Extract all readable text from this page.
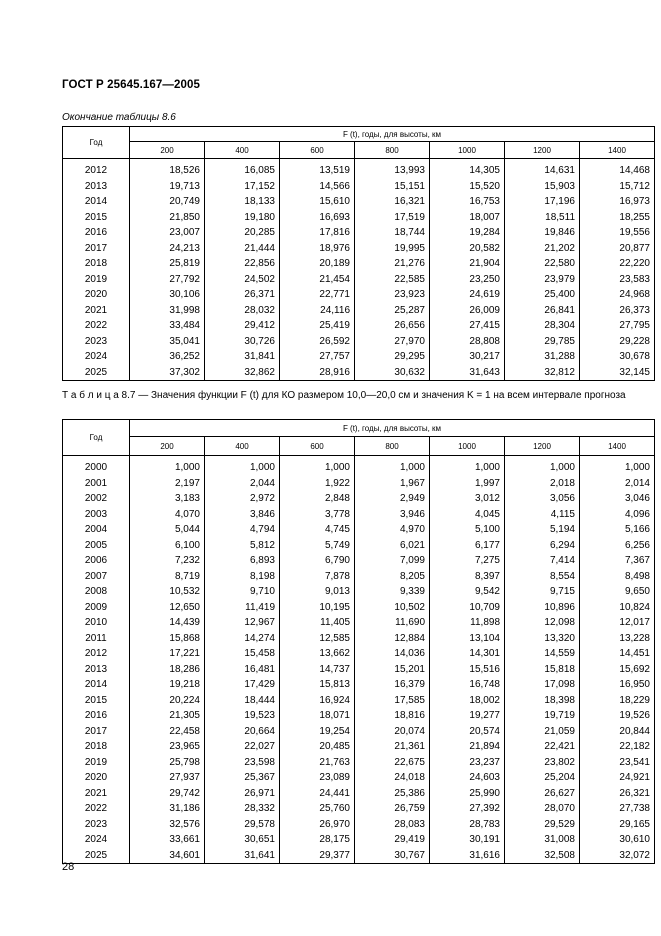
ГОСТ Р 25645.167—2005
Окончание таблицы 8.6
Год	F (t), годы, для высоты, км						
	200	400	600	800	1000	1200	1400
2012	18,526	16,085	13,519	13,993	14,305	14,631	14,468
2013	19,713	17,152	14,566	15,151	15,520	15,903	15,712
2014	20,749	18,133	15,610	16,321	16,753	17,196	16,973
2015	21,850	19,180	16,693	17,519	18,007	18,511	18,255
2016	23,007	20,285	17,816	18,744	19,284	19,846	19,556
2017	24,213	21,444	18,976	19,995	20,582	21,202	20,877
2018	25,819	22,856	20,189	21,276	21,904	22,580	22,220
2019	27,792	24,502	21,454	22,585	23,250	23,979	23,583
2020	30,106	26,371	22,771	23,923	24,619	25,400	24,968
2021	31,998	28,032	24,116	25,287	26,009	26,841	26,373
2022	33,484	29,412	25,419	26,656	27,415	28,304	27,795
2023	35,041	30,726	26,592	27,970	28,808	29,785	29,228
2024	36,252	31,841	27,757	29,295	30,217	31,288	30,678
2025	37,302	32,862	28,916	30,632	31,643	32,812	32,145
Т а б л и ц а 8.7 — Значения функции F (t) для КО размером 10,0—20,0 см и значения K = 1 на всем интервале прогноза
Год	F (t), годы, для высоты, км						
	200	400	600	800	1000	1200	1400
2000	1,000	1,000	1,000	1,000	1,000	1,000	1,000
2001	2,197	2,044	1,922	1,967	1,997	2,018	2,014
2002	3,183	2,972	2,848	2,949	3,012	3,056	3,046
2003	4,070	3,846	3,778	3,946	4,045	4,115	4,096
2004	5,044	4,794	4,745	4,970	5,100	5,194	5,166
2005	6,100	5,812	5,749	6,021	6,177	6,294	6,256
2006	7,232	6,893	6,790	7,099	7,275	7,414	7,367
2007	8,719	8,198	7,878	8,205	8,397	8,554	8,498
2008	10,532	9,710	9,013	9,339	9,542	9,715	9,650
2009	12,650	11,419	10,195	10,502	10,709	10,896	10,824
2010	14,439	12,967	11,405	11,690	11,898	12,098	12,017
2011	15,868	14,274	12,585	12,884	13,104	13,320	13,228
2012	17,221	15,458	13,662	14,036	14,301	14,559	14,451
2013	18,286	16,481	14,737	15,201	15,516	15,818	15,692
2014	19,218	17,429	15,813	16,379	16,748	17,098	16,950
2015	20,224	18,444	16,924	17,585	18,002	18,398	18,229
2016	21,305	19,523	18,071	18,816	19,277	19,719	19,526
2017	22,458	20,664	19,254	20,074	20,574	21,059	20,844
2018	23,965	22,027	20,485	21,361	21,894	22,421	22,182
2019	25,798	23,598	21,763	22,675	23,237	23,802	23,541
2020	27,937	25,367	23,089	24,018	24,603	25,204	24,921
2021	29,742	26,971	24,441	25,386	25,990	26,627	26,321
2022	31,186	28,332	25,760	26,759	27,392	28,070	27,738
2023	32,576	29,578	26,970	28,083	28,783	29,529	29,165
2024	33,661	30,651	28,175	29,419	30,191	31,008	30,610
2025	34,601	31,641	29,377	30,767	31,616	32,508	32,072
28
